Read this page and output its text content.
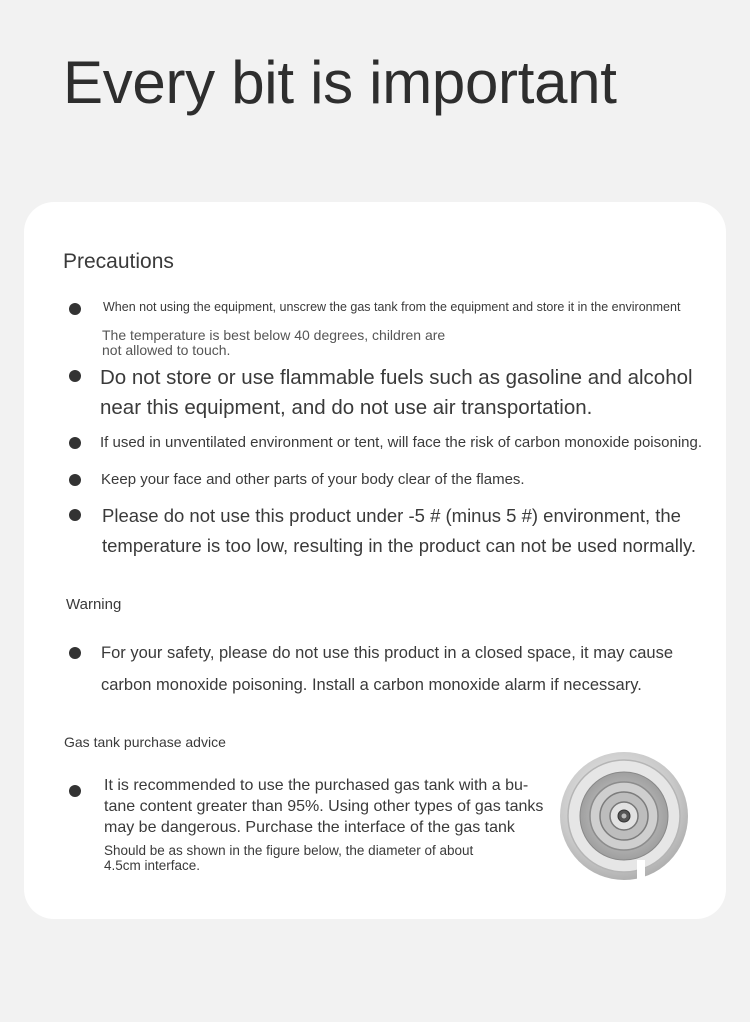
Every bit is important
Precautions
When not using the equipment, unscrew the gas tank from the equipment and store it in the environment
The temperature is best below 40 degrees, children are
not allowed to touch.
Do not store or use flammable fuels such as gasoline and alcohol
near this equipment, and do not use air transportation.
If used in unventilated environment or tent, will face the risk of carbon monoxide poisoning.
Keep your face and other parts of your body clear of the flames.
Please do not use this product under -5 # (minus 5 #) environment, the
temperature is too low, resulting in the product can not be used normally.
Warning
For your safety, please do not use this product in a closed space, it may cause
carbon monoxide poisoning. Install a carbon monoxide alarm if necessary.
Gas tank purchase advice
It is recommended to use the purchased gas tank with a bu-
tane content greater than 95%. Using other types of gas tanks
may be dangerous. Purchase the interface of the gas tank
Should be as shown in the figure below, the diameter of about
4.5cm interface.
